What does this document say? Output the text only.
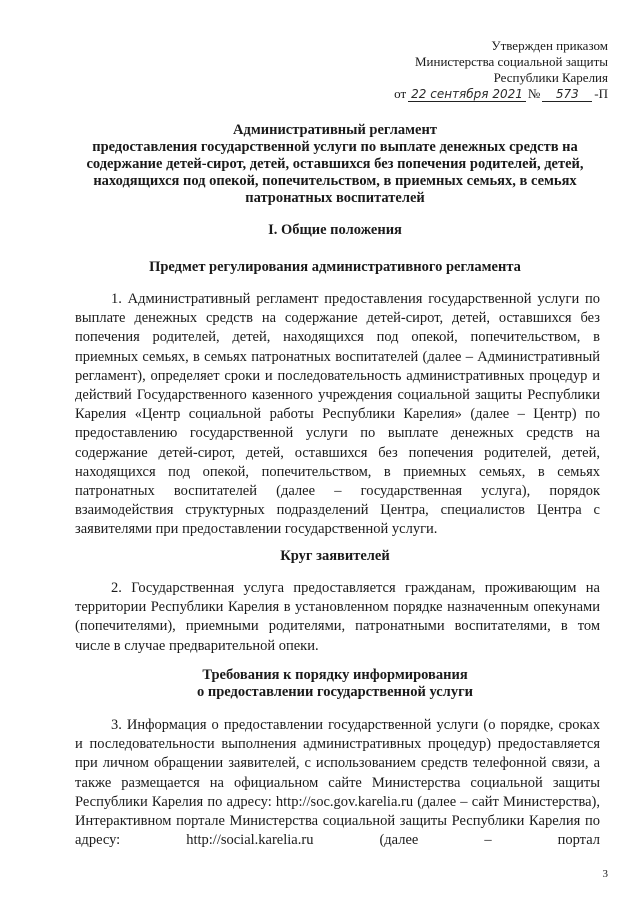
Утвержден приказом
Министерства социальной защиты
Республики Карелия
от 22 сентября 2021 №	573	-П
Административный регламент
предоставления государственной услуги по выплате денежных средств на
содержание детей-сирот, детей, оставшихся без попечения родителей, детей,
находящихся под опекой, попечительством, в приемных семьях, в семьях
патронатных воспитателей
I. Общие положения
Предмет регулирования административного регламента

1. Административный регламент предоставления государственной услуги по выплате денежных средств на содержание детей-сирот, детей, оставшихся без попечения родителей, детей, находящихся под опекой, попечительством, в приемных семьях, в семьях патронатных воспитателей (далее – Административный регламент), определяет сроки и последовательность административных процедур и действий Государственного казенного учреждения социальной защиты Республики Карелия «Центр социальной работы Республики Карелия» (далее – Центр) по предоставлению государственной услуги по выплате денежных средств на содержание детей-сирот, детей, оставшихся без попечения родителей, детей, находящихся под опекой, попечительством, в приемных семьях, в семьях патронатных воспитателей (далее – государственная услуга), порядок взаимодействия структурных подразделений Центра, специалистов Центра с заявителями при предоставлении государственной услуги.

Круг заявителей

2. Государственная услуга предоставляется гражданам, проживающим на территории Республики Карелия в установленном порядке назначенным опекунами (попечителями), приемными родителями, патронатными воспитателями, в том числе в случае предварительной опеки.

Требования к порядку информирования
о предоставлении государственной услуги

3. Информация о предоставлении государственной услуги (о порядке, сроках и последовательности выполнения административных процедур) предоставляется при личном обращении заявителей, с использованием средств телефонной связи, а также размещается на официальном сайте Министерства социальной защиты Республики Карелия по адресу: http://soc.gov.karelia.ru (далее – сайт Министерства), Интерактивном портале Министерства социальной защиты Республики Карелия по адресу: http://social.karelia.ru (далее – портал

3
